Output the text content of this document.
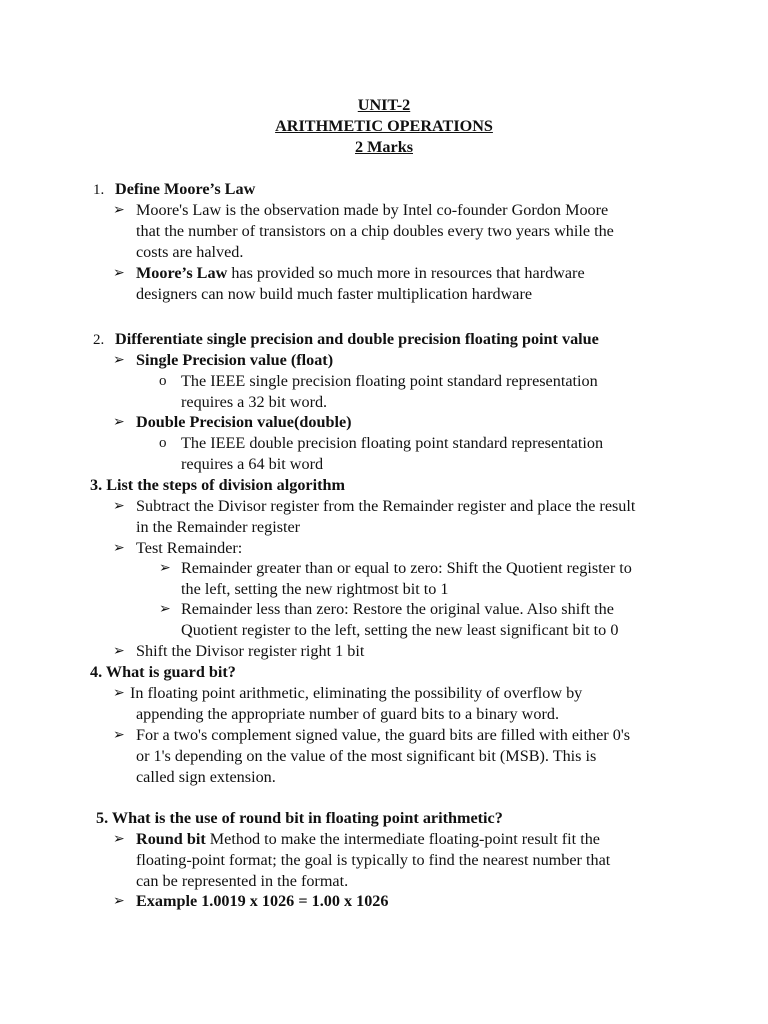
UNIT-2
ARITHMETIC OPERATIONS
2 Marks
1. Define Moore’s Law
➢ Moore's Law is the observation made by Intel co-founder Gordon Moore
that the number of transistors on a chip doubles every two years while the
costs are halved.
➢ Moore’s Law has provided so much more in resources that hardware
designers can now build much faster multiplication hardware
2. Differentiate single precision and double precision floating point value
➢ Single Precision value (float)
o The IEEE single precision floating point standard representation
requires a 32 bit word.
➢ Double Precision value(double)
o The IEEE double precision floating point standard representation
requires a 64 bit word
3. List the steps of division algorithm
➢ Subtract the Divisor register from the Remainder register and place the result
in the Remainder register
➢ Test Remainder:
➢ Remainder greater than or equal to zero: Shift the Quotient register to
the left, setting the new rightmost bit to 1
➢ Remainder less than zero: Restore the original value. Also shift the
Quotient register to the left, setting the new least significant bit to 0
➢ Shift the Divisor register right 1 bit
4. What is guard bit?
➢ In floating point arithmetic, eliminating the possibility of overflow by
appending the appropriate number of guard bits to a binary word.
➢ For a two's complement signed value, the guard bits are filled with either 0's
or 1's depending on the value of the most significant bit (MSB). This is
called sign extension.
5. What is the use of round bit in floating point arithmetic?
➢ Round bit Method to make the intermediate floating-point result fit the
floating-point format; the goal is typically to find the nearest number that
can be represented in the format.
➢ Example 1.0019 x 1026 = 1.00 x 1026
